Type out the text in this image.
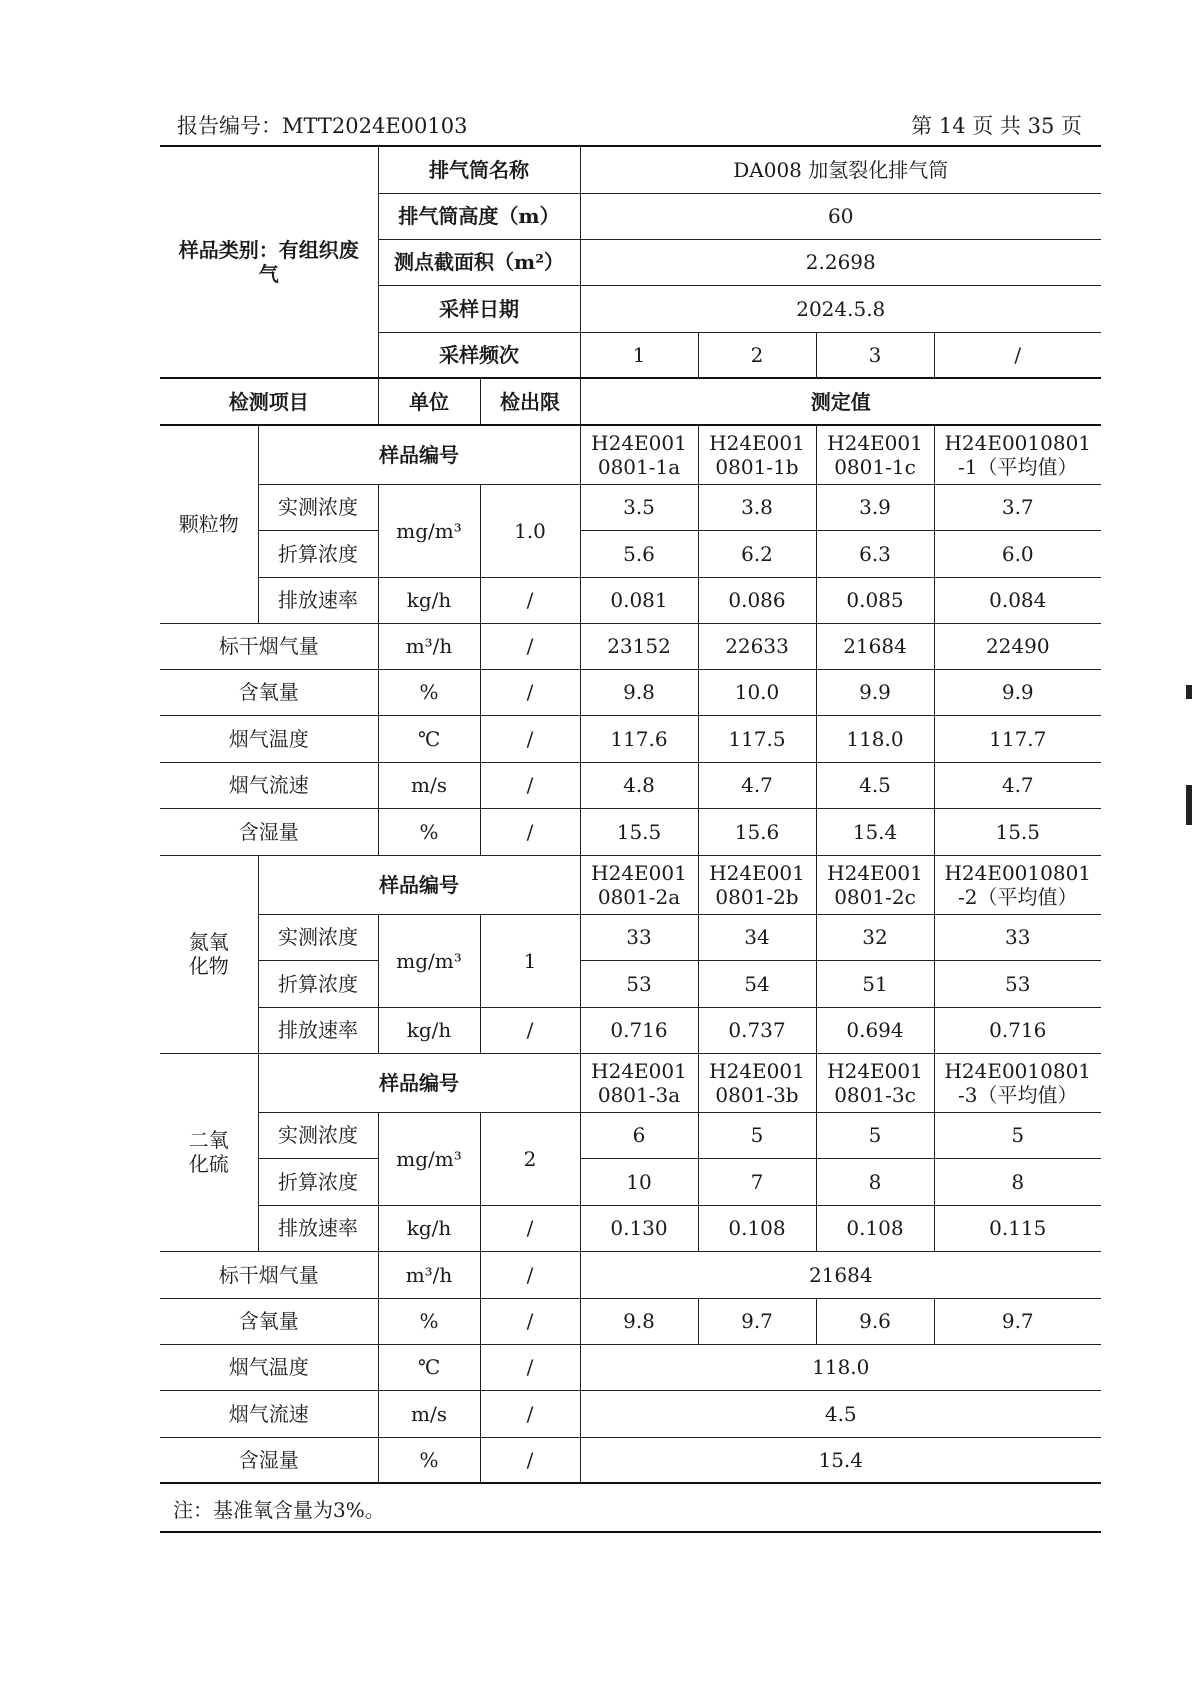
报告编号：MTT2024E00103	第 14 页 共 35 页
样品类别：有组织废气		排气筒名称		DA008 加氢裂化排气筒			
		排气筒高度（m）		60			
		测点截面积（m²）		2.2698			
		采样日期		2024.5.8			
		采样频次		1	2	3	/
检测项目		单位	检出限	测定值			
颗粒物	样品编号			H24E001 0801-1a	H24E001 0801-1b	H24E001 0801-1c	H24E0010801 -1（平均值）
	实测浓度	mg/m³	1.0	3.5	3.8	3.9	3.7
	折算浓度			5.6	6.2	6.3	6.0
	排放速率	kg/h	/	0.081	0.086	0.085	0.084
标干烟气量		m³/h	/	23152	22633	21684	22490
含氧量		%	/	9.8	10.0	9.9	9.9
烟气温度		℃	/	117.6	117.5	118.0	117.7
烟气流速		m/s	/	4.8	4.7	4.5	4.7
含湿量		%	/	15.5	15.6	15.4	15.5
氮氧化物	样品编号			H24E001 0801-2a	H24E001 0801-2b	H24E001 0801-2c	H24E0010801 -2（平均值）
	实测浓度	mg/m³	1	33	34	32	33
	折算浓度			53	54	51	53
	排放速率	kg/h	/	0.716	0.737	0.694	0.716
二氧化硫	样品编号			H24E001 0801-3a	H24E001 0801-3b	H24E001 0801-3c	H24E0010801 -3（平均值）
	实测浓度	mg/m³	2	6	5	5	5
	折算浓度			10	7	8	8
	排放速率	kg/h	/	0.130	0.108	0.108	0.115
标干烟气量		m³/h	/	21684			
含氧量		%	/	9.8	9.7	9.6	9.7
烟气温度		℃	/	118.0			
烟气流速		m/s	/	4.5			
含湿量		%	/	15.4			
注：基准氧含量为3%。
